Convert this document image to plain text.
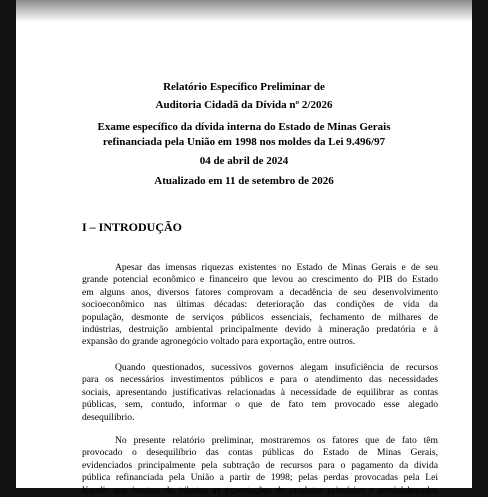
Relatório Específico Preliminar de
Auditoria Cidadã da Dívida nº 2/2026
Exame específico da dívida interna do Estado de Minas Gerais
refinanciada pela União em 1998 nos moldes da Lei 9.496/97
04 de abril de 2024
Atualizado em 11 de setembro de 2026
I – INTRODUÇÃO
Apesar das imensas riquezas existentes no Estado de Minas Gerais e de seu
grande potencial econômico e financeiro que levou ao crescimento do PIB do Estado
em alguns anos, diversos fatores comprovam a decadência de seu desenvolvimento
socioeconômico nas últimas décadas: deterioração das condições de vida da
população, desmonte de serviços públicos essenciais, fechamento de milhares de
indústrias, destruição ambiental principalmente devido à mineração predatória e à
expansão do grande agronegócio voltado para exportação, entre outros.
Quando questionados, sucessivos governos alegam insuficiência de recursos
para os necessários investimentos públicos e para o atendimento das necessidades
sociais, apresentando justificativas relacionadas à necessidade de equilibrar as contas
públicas, sem, contudo, informar o que de fato tem provocado esse alegado
desequilíbrio.
No presente relatório preliminar, mostraremos os fatores que de fato têm
provocado o desequilíbrio das contas públicas do Estado de Minas Gerais,
evidenciados principalmente pela subtração de recursos para o pagamento da dívida
pública refinanciada pela União a partir de 1998; pelas perdas provocadas pela Lei
Kandir que isentou de tributos as exportações de produtos primários e semielaborados
